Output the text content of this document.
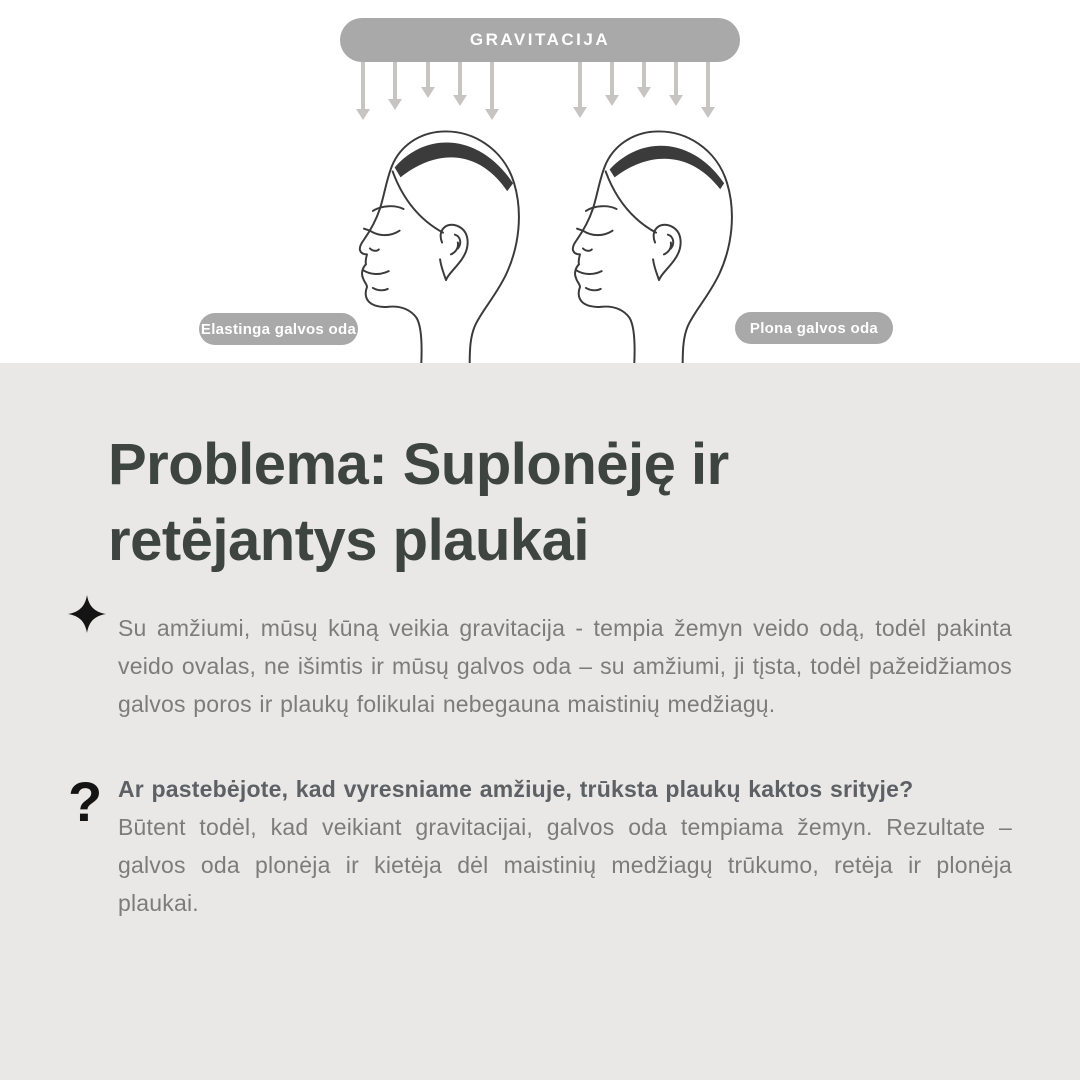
GRAVITACIJA
Elastinga galvos oda	Plona galvos oda
Problema: Suplonėję ir retėjantys plaukai

Su amžiumi, mūsų kūną veikia gravitacija - tempia žemyn veido odą, todėl pakinta veido ovalas, ne išimtis ir mūsų galvos oda – su amžiumi, ji tįsta, todėl pažeidžiamos galvos poros ir plaukų folikulai nebegauna maistinių medžiagų.

? Ar pastebėjote, kad vyresniame amžiuje, trūksta plaukų kaktos srityje?
Būtent todėl, kad veikiant gravitacijai, galvos oda tempiama žemyn. Rezultate – galvos oda plonėja ir kietėja dėl maistinių medžiagų trūkumo, retėja ir plonėja plaukai.
